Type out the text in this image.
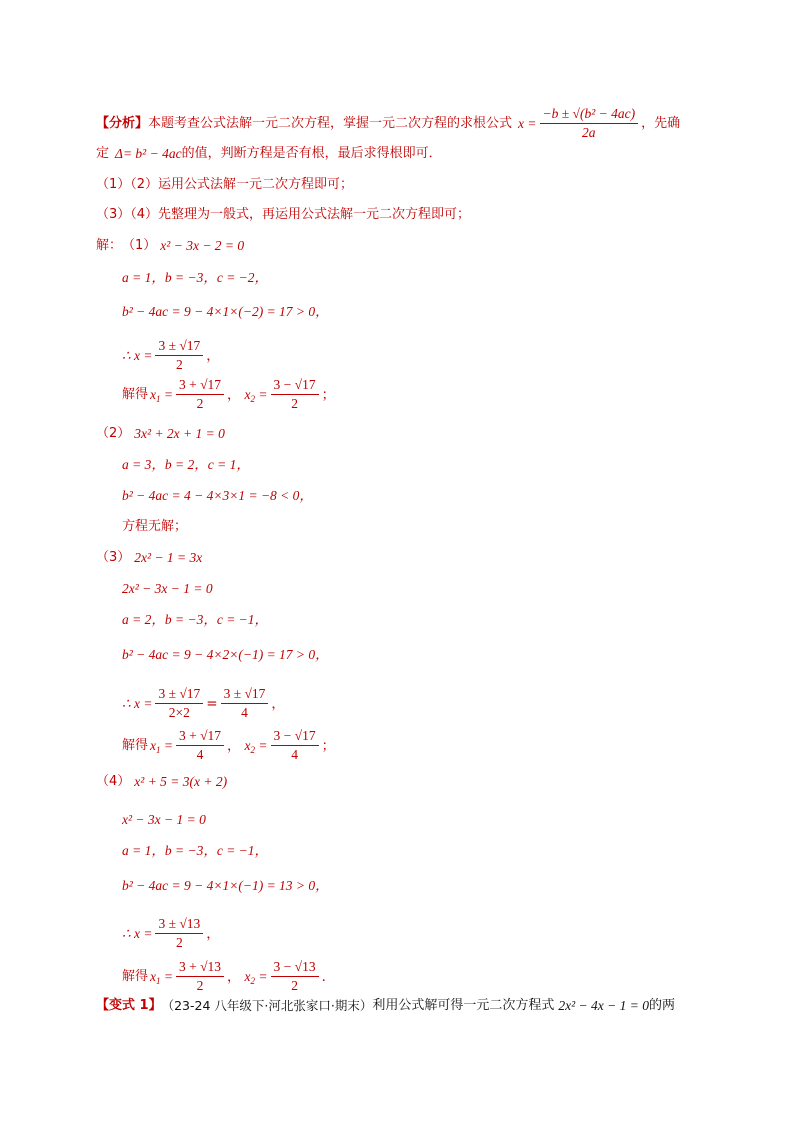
【分析】 本题考查公式法解一元二次方程，掌握一元二次方程的求根公式 $x = \frac{\text{−b ± √(b² − 4ac)}}{2a}$ ，先确
定 Δ= b² − 4ac 的值，判断方程是否有根，最后求得根即可．
（1）（2）运用公式法解一元二次方程即可；
（3）（4）先整理为一般式，再运用公式法解一元二次方程即可；
解： （1） x² − 3x − 2 = 0
a = 1，b = −3，c = −2，
b² − 4ac = 9 − 4×1×(−2) = 17 > 0，
∴ $x = \frac{3 \pm √17}{2}$ ，
解得 $x_1 = \frac{3 + √17}{2}$ ， $x_2 = \frac{3 - √17}{2}$ ；
（2） 3x² + 2x + 1 = 0
a = 3，b = 2，c = 1，
b² − 4ac = 4 − 4×3×1 = −8 < 0，
方程无解；
（3） 2x² − 1 = 3x
2x² − 3x − 1 = 0
a = 2，b = −3，c = −1，
b² − 4ac = 9 − 4×2×(−1) = 17 > 0，
∴ $x = \frac{3 \pm √17}{2\times 2} = \frac{3 \pm √17}{4}$ ，
解得 $x_1 = \frac{3 + √17}{4}$ ， $x_2 = \frac{3 - √17}{4}$ ；
（4） x² + 5 = 3(x + 2)
x² − 3x − 1 = 0
a = 1，b = −3，c = −1，
b² − 4ac = 9 − 4×1×(−1) = 13 > 0，
∴ $x = \frac{3 \pm √13}{2}$ ，
解得 $x_1 = \frac{3 + √13}{2}$ ， $x_2 = \frac{3 - √13}{2}$ ．
【变式 1】 （23-24 八年级下·河北张家口·期末） 利用公式解可得一元二次方程式 2x² − 4x − 1 = 0 的两
